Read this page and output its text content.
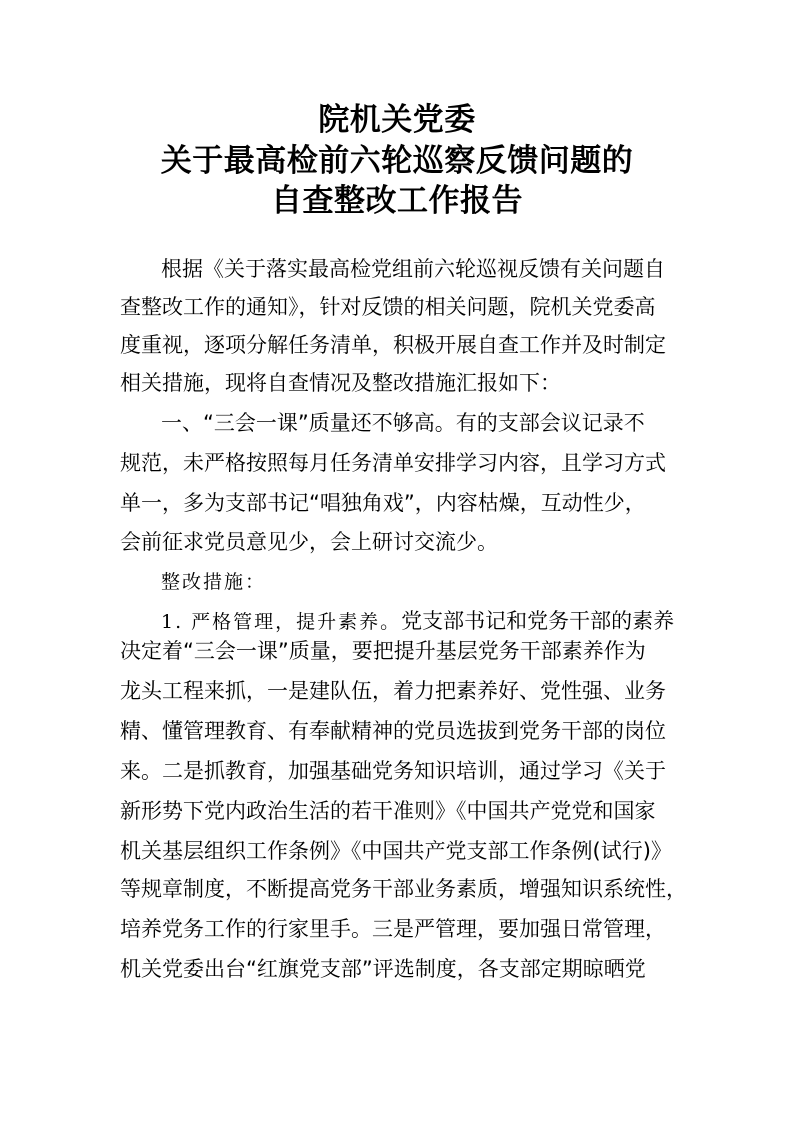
院机关党委
关于最高检前六轮巡察反馈问题的
自查整改工作报告

根据《关于落实最高检党组前六轮巡视反馈有关问题自

查整改工作的通知》，针对反馈的相关问题，院机关党委高

度重视，逐项分解任务清单，积极开展自查工作并及时制定

相关措施，现将自查情况及整改措施汇报如下：

一、“三会一课”质量还不够高。有的支部会议记录不

规范，未严格按照每月任务清单安排学习内容，且学习方式

单一，多为支部书记“唱独角戏”，内容枯燥，互动性少，

会前征求党员意见少，会上研讨交流少。

整改措施：

1. 严格管理，提升素养。党支部书记和党务干部的素养

决定着“三会一课”质量，要把提升基层党务干部素养作为

龙头工程来抓，一是建队伍，着力把素养好、党性强、业务

精、懂管理教育、有奉献精神的党员选拔到党务干部的岗位

来。二是抓教育，加强基础党务知识培训，通过学习《关于

新形势下党内政治生活的若干准则》《中国共产党党和国家

机关基层组织工作条例》《中国共产党支部工作条例(试行)》

等规章制度，不断提高党务干部业务素质，增强知识系统性，

培养党务工作的行家里手。三是严管理，要加强日常管理，

机关党委出台“红旗党支部”评选制度，各支部定期晾晒党
